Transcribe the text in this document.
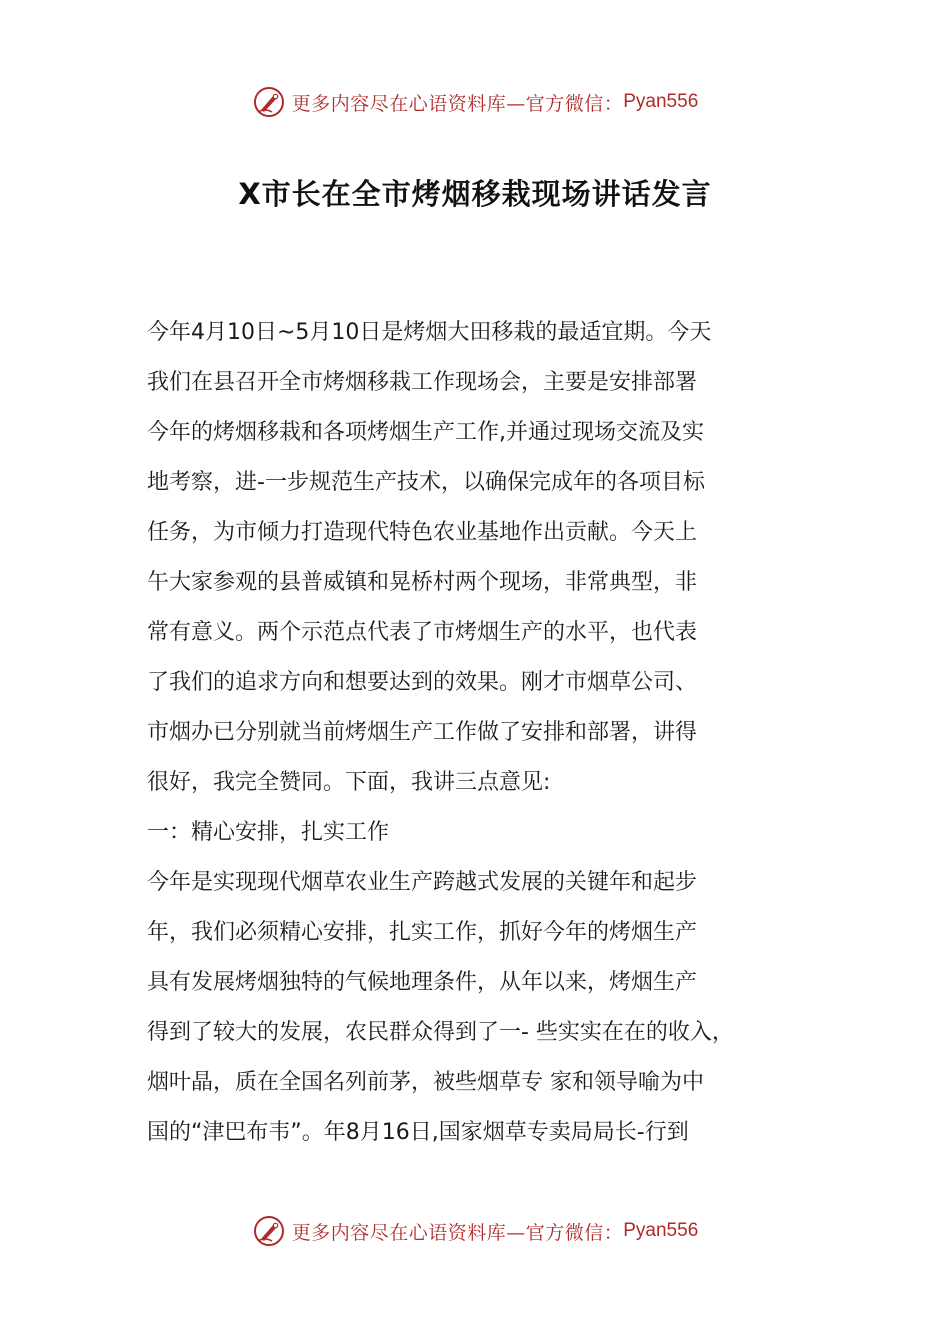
更多内容尽在心语资料库—官方微信： Pyan556
X市长在全市烤烟移栽现场讲话发言
今年4月10日~5月10日是烤烟大田移栽的最适宜期。今天
我们在县召开全市烤烟移栽工作现场会，主要是安排部署
今年的烤烟移栽和各项烤烟生产工作,并通过现场交流及实
地考察，进-一步规范生产技术，以确保完成年的各项目标
任务，为市倾力打造现代特色农业基地作出贡献。今天上
午大家参观的县普威镇和晃桥村两个现场，非常典型，非
常有意义。两个示范点代表了市烤烟生产的水平，也代表
了我们的追求方向和想要达到的效果。刚才市烟草公司、
市烟办已分别就当前烤烟生产工作做了安排和部署，讲得
很好，我完全赞同。下面，我讲三点意见:
一：精心安排，扎实工作
今年是实现现代烟草农业生产跨越式发展的关键年和起步
年，我们必须精心安排，扎实工作，抓好今年的烤烟生产
具有发展烤烟独特的气候地理条件，从年以来，烤烟生产
得到了较大的发展，农民群众得到了一- 些实实在在的收入，
烟叶晶，质在全国名列前茅，被些烟草专 家和领导喻为中
国的“津巴布韦”。年8月16日,国家烟草专卖局局长-行到
更多内容尽在心语资料库—官方微信： Pyan556
